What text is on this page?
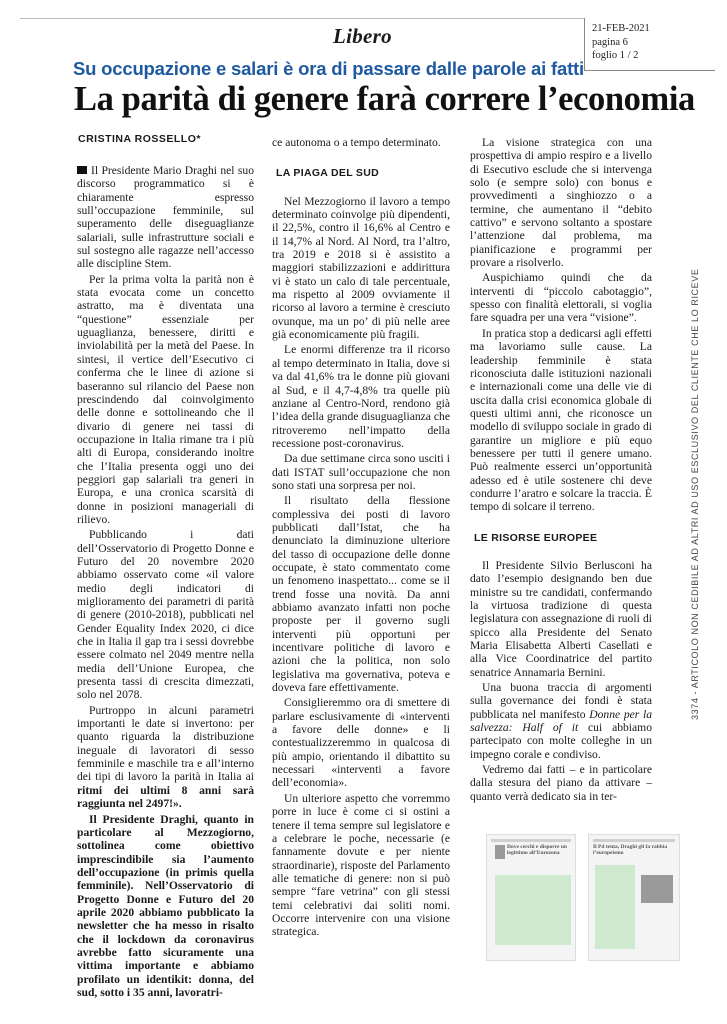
Libero	21-FEB-2021
pagina 6
foglio 1 / 2
Su occupazione e salari è ora di passare dalle parole ai fatti
La parità di genere farà correre l’economia
CRISTINA ROSSELLO*

Il Presidente Mario Draghi nel suo discorso programmatico si è chiaramente espresso sull’occupazione femminile, sul superamento delle diseguaglianze salariali, sulle infrastrutture sociali e sul sostegno alle ragazze nell’accesso alle discipline Stem.

Per la prima volta la parità non è stata evocata come un concetto astratto, ma è diventata una “questione” essenziale per uguaglianza, benessere, diritti e inviolabilità per la metà del Paese. In sintesi, il vertice dell’Esecutivo ci conferma che le linee di azione si baseranno sul rilancio del Paese non prescindendo dal coinvolgimento delle donne e sottolineando che il divario di genere nei tassi di occupazione in Italia rimane tra i più alti di Europa, considerando inoltre che l’Italia presenta oggi uno dei peggiori gap salariali tra generi in Europa, e una cronica scarsità di donne in posizioni manageriali di rilievo.

Pubblicando i dati dell’Osservatorio di Progetto Donne e Futuro del 20 novembre 2020 abbiamo osservato come «il valore medio degli indicatori di miglioramento dei parametri di parità di genere (2010-2018), pubblicati nel Gender Equality Index 2020, ci dice che in Italia il gap tra i sessi dovrebbe essere colmato nel 2049 mentre nella media dell’Unione Europea, che presenta tassi di crescita dimezzati, solo nel 2078.

Purtroppo in alcuni parametri importanti le date si invertono: per quanto riguarda la distribuzione ineguale di lavoratori di sesso femminile e maschile tra e all’interno dei tipi di lavoro la parità in Italia ai ritmi dei ultimi 8 anni sarà raggiunta nel 2497!».

Il Presidente Draghi, quanto in particolare al Mezzogiorno, sottolinea come obiettivo imprescindibile sia l’aumento dell’occupazione (in primis quella femminile). Nell’Osservatorio di Progetto Donne e Futuro del 20 aprile 2020 abbiamo pubblicato la newsletter che ha messo in risalto che il lockdown da coronavirus avrebbe fatto sicuramente una vittima importante e abbiamo profilato un identikit: donna, del sud, sotto i 35 anni, lavoratri-

ce autonoma o a tempo determinato.

LA PIAGA DEL SUD

Nel Mezzogiorno il lavoro a tempo determinato coinvolge più dipendenti, il 22,5%, contro il 16,6% al Centro e il 14,7% al Nord. Al Nord, tra l’altro, tra 2019 e 2018 si è assistito a maggiori stabilizzazioni e addirittura vi è stato un calo di tale percentuale, ma rispetto al 2009 ovviamente il ricorso al lavoro a termine è cresciuto ovunque, ma un po’ di più nelle aree già economicamente più fragili.

Le enormi differenze tra il ricorso al tempo determinato in Italia, dove si va dal 41,6% tra le donne più giovani al Sud, e il 4,7-4,8% tra quelle più anziane al Centro-Nord, rendono già l’idea della grande disuguaglianza che ritroveremo nell’impatto della recessione post-coronavirus.

Da due settimane circa sono usciti i dati ISTAT sull’occupazione che non sono stati una sorpresa per noi.

Il risultato della flessione complessiva dei posti di lavoro pubblicati dall’Istat, che ha denunciato la diminuzione ulteriore del tasso di occupazione delle donne occupate, è stato commentato come un fenomeno inaspettato... come se il trend fosse una novità. Da anni abbiamo avanzato infatti non poche proposte per il governo sugli interventi più opportuni per incentivare politiche di lavoro e azioni che la politica, non solo legislativa ma governativa, poteva e doveva fare effettivamente.

Consiglieremmo ora di smettere di parlare esclusivamente di «interventi a favore delle donne» e li contestualizzeremmo in qualcosa di più ampio, orientando il dibattito su necessari «interventi a favore dell’economia».

Un ulteriore aspetto che vorremmo porre in luce è come ci si ostini a tenere il tema sempre sul legislatore e a celebrare le poche, necessarie (e fannamente dovute e per niente straordinarie), risposte del Parlamento alle tematiche di genere: non si può sempre “fare vetrina” con gli stessi temi celebrativi dai soliti nomi. Occorre intervenire con una visione strategica.

La visione strategica con una prospettiva di ampio respiro e a livello di Esecutivo esclude che si intervenga solo (e sempre solo) con bonus e provvedimenti a singhiozzo o a termine, che aumentano il “debito cattivo” e servono soltanto a spostare l’attenzione dal problema, ma pianificazione e programmi per provare a risolverlo.

Auspichiamo quindi che da interventi di “piccolo cabotaggio”, spesso con finalità elettorali, si voglia fare squadra per una vera “visione”.

In pratica stop a dedicarsi agli effetti ma lavoriamo sulle cause. La leadership femminile è stata riconosciuta dalle istituzioni nazionali e internazionali come una delle vie di uscita dalla crisi economica globale di questi ultimi anni, che riconosce un modello di sviluppo sociale in grado di garantire un migliore e più equo benessere per tutti il genere umano. Può realmente esserci un’opportunità adesso ed è utile sostenere chi deve condurre l’aratro e solcare la traccia. È tempo di solcare il terreno.

LE RISORSE EUROPEE

Il Presidente Silvio Berlusconi ha dato l’esempio designando ben due ministre su tre candidati, confermando la virtuosa tradizione di questa legislatura con assegnazione di ruoli di spicco alla Presidente del Senato Maria Elisabetta Alberti Casellati e alla Vice Coordinatrice del partito senatrice Annamaria Bernini.

Una buona traccia di argomenti sulla governance dei fondi è stata pubblicata nel manifesto Donne per la salvezza: Half of it cui abbiamo partecipato con molte colleghe in un impegno corale e condiviso.

Vedremo dai fatti – e in particolare dalla stesura del piano da attivare – quanto verrà dedicato sia in ter-

Dove cerchi e disporre un legittimo all’Eurozona
Il Pd tenta, Draghi gli fa rabbia l’europeismo
3374 - ARTICOLO NON CEDIBILE AD ALTRI AD USO ESCLUSIVO DEL CLIENTE CHE LO RICEVE
